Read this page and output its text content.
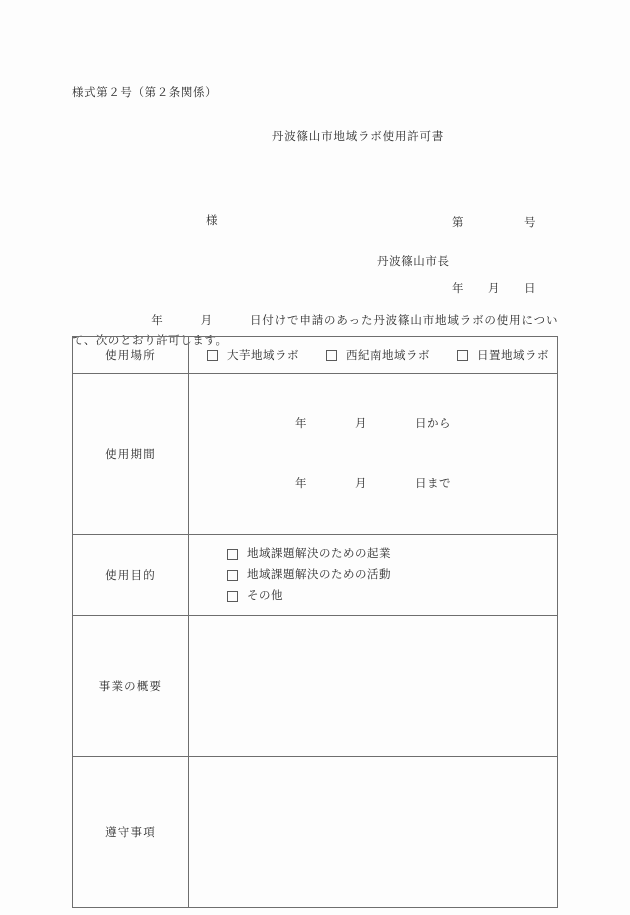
様式第２号（第２条関係）
丹波篠山市地域ラボ使用許可書

第　　　　　号

年　　月　　日

様
丹波篠山市長

年　　　月　　　日付けで申請のあった丹波篠山市地域ラボの使用について、次のとおり許可します。

使用場所	大芋地域ラボ 西紀南地域ラボ 日置地域ラボ

使用期間	年　　　　月　　　　日から

年　　　　月　　　　日まで

使用目的	地域課題解決のための起業
地域課題解決のための活動
その他

事業の概要	
遵守事項	
